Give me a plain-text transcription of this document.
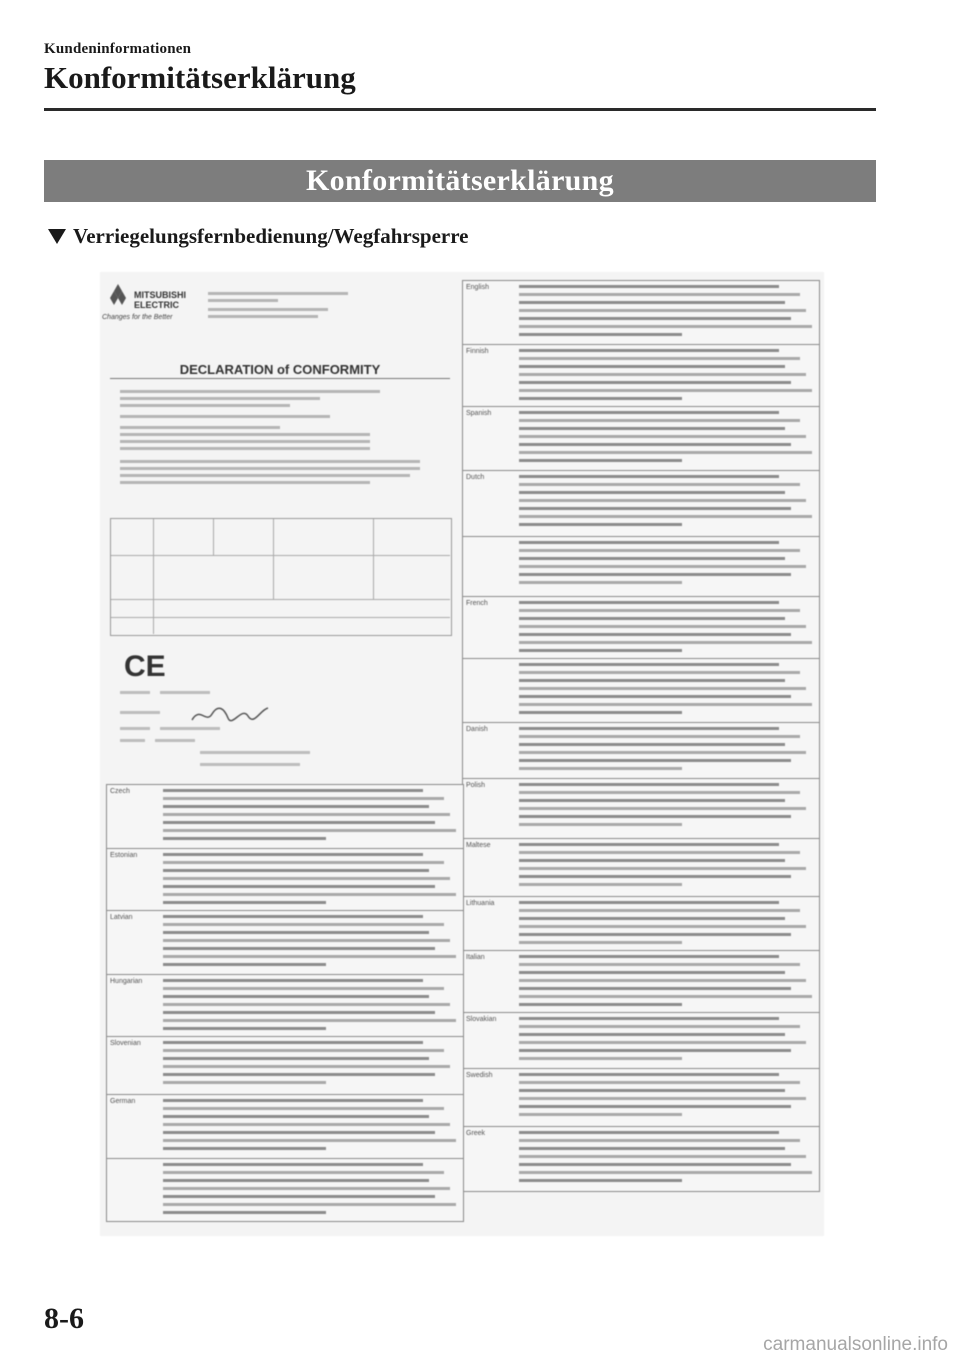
Kundeninformationen
Konformitätserklärung
Konformitätserklärung
Verriegelungsfernbedienung/Wegfahrsperre
MITSUBISHI ELECTRIC
Changes for the Better
DECLARATION of CONFORMITY
CE
English
Finnish
Spanish
Dutch
French
Danish
Polish
Maltese
Lithuania
Italian
Slovakian
Swedish
Greek
Czech
Estonian
Latvian
Hungarian
Slovenian
German
8-6
carmanualsonline.info
